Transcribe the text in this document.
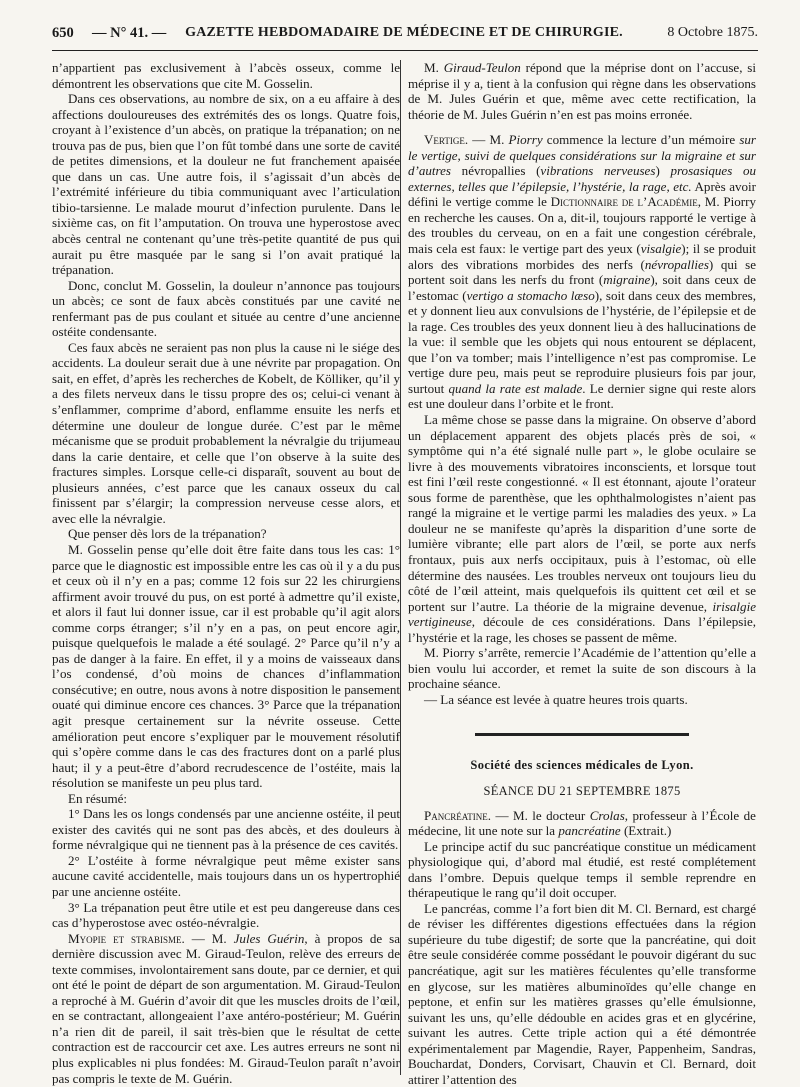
650	— N° 41. —	GAZETTE HEBDOMADAIRE DE MÉDECINE ET DE CHIRURGIE.	8 Octobre 1875.

n’appartient pas exclusivement à l’abcès osseux, comme le démontrent les observations que cite M. Gosselin.

Dans ces observations, au nombre de six, on a eu affaire à des affections douloureuses des extrémités des os longs. Quatre fois, croyant à l’existence d’un abcès, on pratique la trépanation; on ne trouva pas de pus, bien que l’on fût tombé dans une sorte de cavité de petites dimensions, et la douleur ne fut franchement apaisée que dans un cas. Une autre fois, il s’agissait d’un abcès de l’extrémité inférieure du tibia communiquant avec l’articulation tibio-tarsienne. Le malade mourut d’infection purulente. Dans le sixième cas, on fit l’amputation. On trouva une hyperostose avec abcès central ne contenant qu’une très-petite quantité de pus qui aurait pu être masquée par le sang si l’on avait pratiqué la trépanation.

Donc, conclut M. Gosselin, la douleur n’annonce pas toujours un abcès; ce sont de faux abcès constitués par une cavité ne renfermant pas de pus coulant et située au centre d’une ancienne ostéite condensante.

Ces faux abcès ne seraient pas non plus la cause ni le siége des accidents. La douleur serait due à une névrite par propagation. On sait, en effet, d’après les recherches de Kobelt, de Kölliker, qu’il y a des filets nerveux dans le tissu propre des os; celui-ci venant à s’enflammer, comprime d’abord, enflamme ensuite les nerfs et détermine une douleur de longue durée. C’est par le même mécanisme que se produit probablement la névralgie du trijumeau dans la carie dentaire, et celle que l’on observe à la suite des fractures simples. Lorsque celle-ci disparaît, souvent au bout de plusieurs années, c’est parce que les canaux osseux du cal finissent par s’élargir; la compression nerveuse cesse alors, et avec elle la névralgie.

Que penser dès lors de la trépanation?

M. Gosselin pense qu’elle doit être faite dans tous les cas: 1° parce que le diagnostic est impossible entre les cas où il y a du pus et ceux où il n’y en a pas; comme 12 fois sur 22 les chirurgiens affirment avoir trouvé du pus, on est porté à admettre qu’il existe, et alors il faut lui donner issue, car il est probable qu’il agit alors comme corps étranger; s’il n’y en a pas, on peut encore agir, puisque quelquefois le malade a été soulagé. 2° Parce qu’il n’y a pas de danger à la faire. En effet, il y a moins de vaisseaux dans l’os condensé, d’où moins de chances d’inflammation consécutive; en outre, nous avons à notre disposition le pansement ouaté qui diminue encore ces chances. 3° Parce que la trépanation agit presque certainement sur la névrite osseuse. Cette amélioration peut encore s’expliquer par le mouvement résolutif qui s’opère comme dans le cas des fractures dont on a parlé plus haut; il y a peut-être d’abord recrudescence de l’ostéite, mais la résolution se manifeste un peu plus tard.

En résumé:

1° Dans les os longs condensés par une ancienne ostéite, il peut exister des cavités qui ne sont pas des abcès, et des douleurs à forme névralgique qui ne tiennent pas à la présence de ces cavités.

2° L’ostéite à forme névralgique peut même exister sans aucune cavité accidentelle, mais toujours dans un os hypertrophié par une ancienne ostéite.

3° La trépanation peut être utile et est peu dangereuse dans ces cas d’hyperostose avec ostéo-névralgie.

Myopie et strabisme. — M. Jules Guérin, à propos de sa dernière discussion avec M. Giraud-Teulon, relève des erreurs de texte commises, involontairement sans doute, par ce dernier, et qui ont été le point de départ de son argumentation. M. Giraud-Teulon a reproché à M. Guérin d’avoir dit que les muscles droits de l’œil, en se contractant, allongeaient l’axe antéro-postérieur; M. Guérin n’a rien dit de pareil, il sait très-bien que le résultat de cette contraction est de raccourcir cet axe. Les autres erreurs ne sont ni plus explicables ni plus fondées: M. Giraud-Teulon paraît n’avoir pas compris le texte de M. Guérin.

M. Giraud-Teulon répond que la méprise dont on l’accuse, si méprise il y a, tient à la confusion qui règne dans les observations de M. Jules Guérin et que, même avec cette rectification, la théorie de M. Jules Guérin n’en est pas moins erronée.

Vertige. — M. Piorry commence la lecture d’un mémoire sur le vertige, suivi de quelques considérations sur la migraine et sur d’autres névropallies (vibrations nerveuses) prosasiques ou externes, telles que l’épilepsie, l’hystérie, la rage, etc. Après avoir défini le vertige comme le Dictionnaire de l’Académie, M. Piorry en recherche les causes. On a, dit-il, toujours rapporté le vertige à des troubles du cerveau, on en a fait une congestion cérébrale, mais cela est faux: le vertige part des yeux (visalgie); il se produit alors des vibrations morbides des nerfs (névropallies) qui se portent soit dans les nerfs du front (migraine), soit dans ceux de l’estomac (vertigo a stomacho læso), soit dans ceux des membres, et y donnent lieu aux convulsions de l’hystérie, de l’épilepsie et de la rage. Ces troubles des yeux donnent lieu à des hallucinations de la vue: il semble que les objets qui nous entourent se déplacent, que l’on va tomber; mais l’intelligence n’est pas compromise. Le vertige dure peu, mais peut se reproduire plusieurs fois par jour, surtout quand la rate est malade. Le dernier signe qui reste alors est une douleur dans l’orbite et le front.

La même chose se passe dans la migraine. On observe d’abord un déplacement apparent des objets placés près de soi, « symptôme qui n’a été signalé nulle part », le globe oculaire se livre à des mouvements vibratoires inconscients, et lorsque tout est fini l’œil reste congestionné. « Il est étonnant, ajoute l’orateur sous forme de parenthèse, que les ophthalmologistes n’aient pas rangé la migraine et le vertige parmi les maladies des yeux. » La douleur ne se manifeste qu’après la disparition d’une sorte de lumière vibrante; elle part alors de l’œil, se porte aux nerfs frontaux, puis aux nerfs occipitaux, puis à l’estomac, où elle détermine des nausées. Les troubles nerveux ont toujours lieu du côté de l’œil atteint, mais quelquefois ils quittent cet œil et se portent sur l’autre. La théorie de la migraine devenue, irisalgie vertigineuse, découle de ces considérations. Dans l’épilepsie, l’hystérie et la rage, les choses se passent de même.

M. Piorry s’arrête, remercie l’Académie de l’attention qu’elle a bien voulu lui accorder, et remet la suite de son discours à la prochaine séance.

— La séance est levée à quatre heures trois quarts.

Société des sciences médicales de Lyon.

SÉANCE DU 21 SEPTEMBRE 1875

Pancréatine. — M. le docteur Crolas, professeur à l’École de médecine, lit une note sur la pancréatine (Extrait.)

Le principe actif du suc pancréatique constitue un médicament physiologique qui, d’abord mal étudié, est resté complétement dans l’ombre. Depuis quelque temps il semble reprendre en thérapeutique le rang qu’il doit occuper.

Le pancréas, comme l’a fort bien dit M. Cl. Bernard, est chargé de réviser les différentes digestions effectuées dans la région supérieure du tube digestif; de sorte que la pancréatine, qui doit être seule considérée comme possédant le pouvoir digérant du suc pancréatique, agit sur les matières féculentes qu’elle transforme en glycose, sur les matières albuminoïdes qu’elle change en peptone, et enfin sur les matières grasses qu’elle émulsionne, suivant les uns, qu’elle dédouble en acides gras et en glycérine, suivant les autres. Cette triple action qui a été démontrée expérimentalement par Magendie, Rayer, Pappenheim, Sandras, Bouchardat, Donders, Corvisart, Chauvin et Cl. Bernard, doit attirer l’attention des
